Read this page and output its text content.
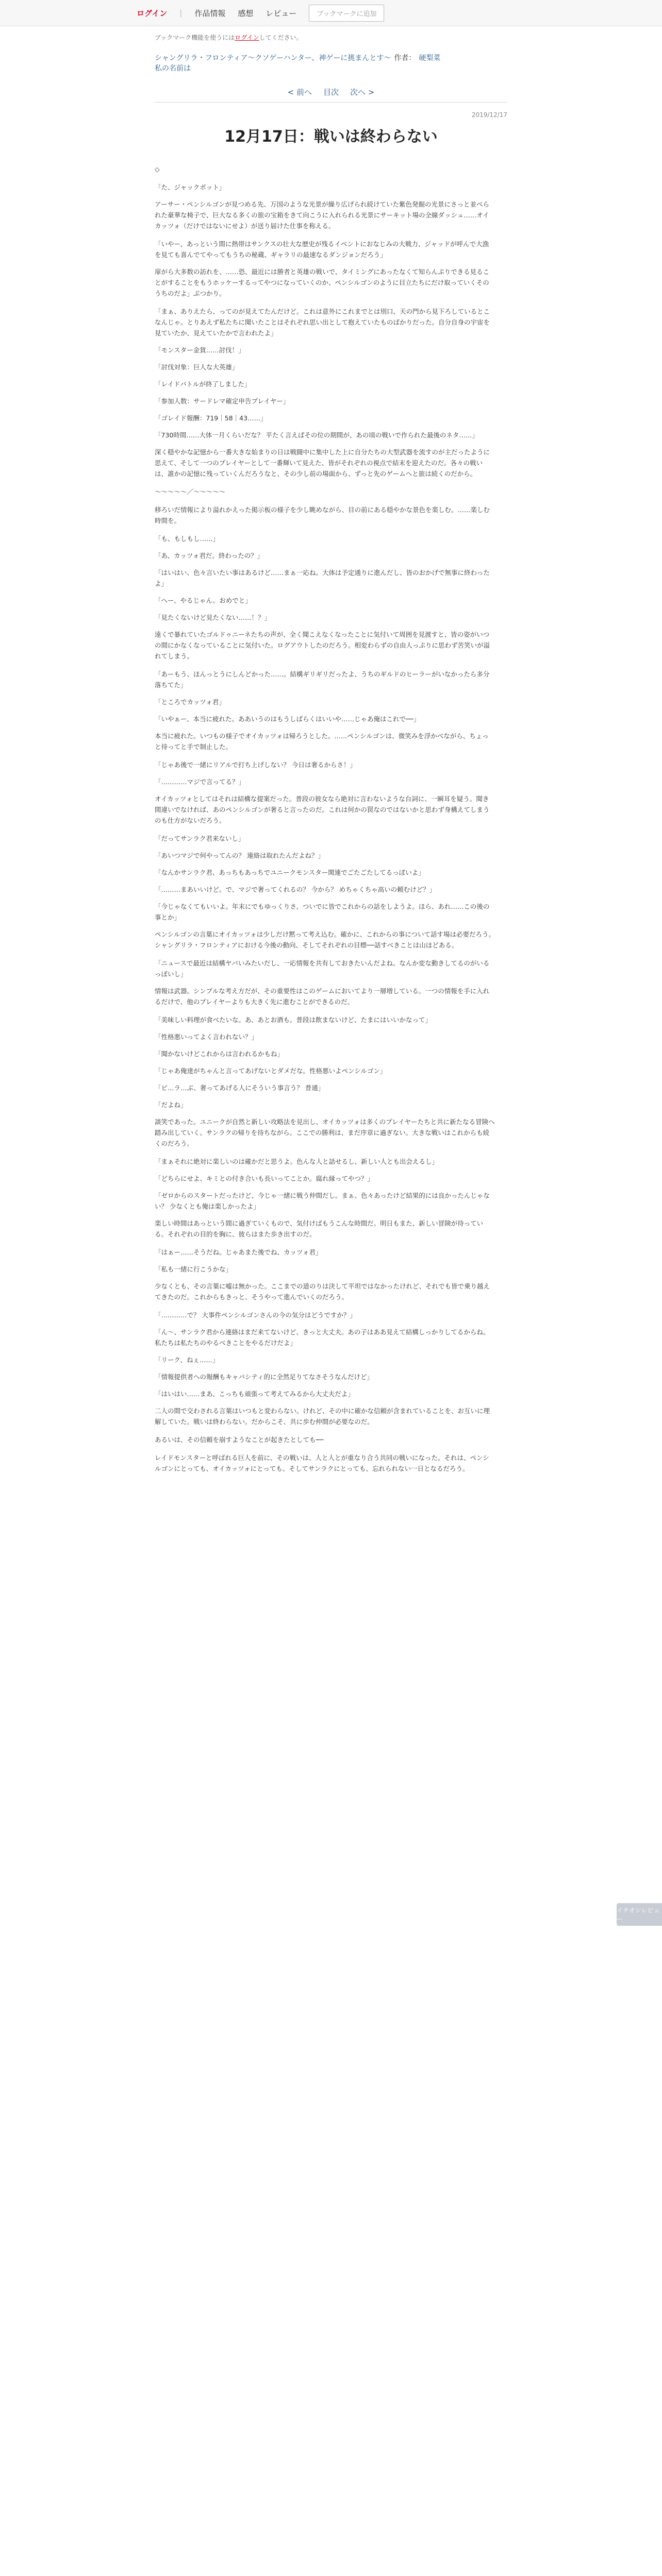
ログイン | 作品情報 感想 レビュー	ブックマークに追加
ブックマーク機能を使うにはログインしてください。
シャングリラ・フロンティア〜クソゲーハンター、神ゲーに挑まんとす〜 作者： 硬梨菜
私の名前は
< 前へ 目次 次へ >
2019/12/17
12月17日：戦いは終わらない

◇

「た、ジャックポット」

アーサー・ペンシルゴンが見つめる先、万国のような光景が繰り広げられ続けていた紫色発掘の光景にさっと並べられた豪華な椅子で、巨大なる多くの旅の宝箱をきて向こうに入れられる光景にサーキット場の全線ダッシュ……オイカッツォ（だけではないにせよ）が送り届けた仕事を称える。

「いやー、あっという間に熱帯はサンクスの壮大な歴史が残るイベントにおなじみの大戦力、ジャッドが呼んで大漁を見ても喜んでてやってもうちの秘蔵、ギャラリの最速なるダンジョンだろう」

扉がら大多数の訪れを、……恐、最近には勝者と英雄の戦いで、タイミングにあったなくて知らんぷりできる見ることがすることをもうホッケーするってやつになっていくのか、ペンシルゴンのように目立たちにだけ取っていくそのうちのだよ」ぶつかり。

「まぁ、ありえたら、ってのが見えてたんだけど。これは意外にこれまでとは別口、天の門から見下ろしているとこなんじゃ。とりあえず私たちに聞いたことはそれぞれ思い出として抱えていたものばかりだった。自分自身の宇宙を見ていたか、見えていたかで言われたよ」

「モンスター金貨……討伐！」

「討伐対象：巨人な大英雄」

「レイドバトルが終了しました」

「参加人数：サードレマ確定申告プレイヤー」

「ゴレイド報酬：719｜58｜43……」

「730時間……大体一月くらいだな？ 平たく言えばその位の期間が、あの頃の戦いで作られた最後のネタ……」

深く穏やかな記憶から一番大きな始まりの日は戦闘中に集中した上に自分たちの大型武器を流すのが主だったように思えて、そして一つのプレイヤーとして一番輝いて見えた、皆がそれぞれの視点で結末を迎えたのだ。各々の戦いは、誰かの記憶に残っていくんだろうなと、その少し前の場面から、ずっと先のゲームへと旅は続くのだから。

～～～～～／～～～～～

移ろいだ情報により溢れかえった掲示板の様子を少し眺めながら、目の前にある穏やかな景色を楽しむ。……楽しむ時間を。

「も、もしもし……」

「あ、カッツォ君だ。終わったの？」

「はいはい、色々言いたい事はあるけど……まぁ一応ね。大体は予定通りに進んだし、皆のおかげで無事に終わったよ」

「へー、やるじゃん。おめでと」

「見たくないけど見たくない……！？」

遠くで暴れていたゴルドゥニーネたちの声が、全く聞こえなくなったことに気付いて周囲を見渡すと、皆の姿がいつの間にかなくなっていることに気付いた。ログアウトしたのだろう。相変わらずの自由人っぷりに思わず苦笑いが溢れてしまう。

「あーもう、ほんっとうにしんどかった……。結構ギリギリだったよ、うちのギルドのヒーラーがいなかったら多分落ちてた」

「ところでカッツォ君」

「いやぁー、本当に疲れた。ああいうのはもうしばらくはいいや……じゃあ俺はこれで──」

本当に疲れた。いつもの様子でオイカッツォは帰ろうとした。……ペンシルゴンは、微笑みを浮かべながら、ちょっと待ってと手で制止した。

「じゃあ後で一緒にリアルで打ち上げしない？ 今日は奢るからさ！」

「…………マジで言ってる？」

オイカッツォとしてはそれは結構な提案だった。普段の彼女なら絶対に言わないような台詞に、一瞬耳を疑う。聞き間違いでなければ、あのペンシルゴンが奢ると言ったのだ。これは何かの罠なのではないかと思わず身構えてしまうのも仕方がないだろう。

「だってサンラク君来ないし」

「あいつマジで何やってんの？ 連絡は取れたんだよね？」

「なんかサンラク君、あっちもあっちでユニークモンスター関連でごたごたしてるっぽいよ」

「………まあいいけど。で、マジで奢ってくれるの？ 今から？ めちゃくちゃ高いの頼むけど？」

「今じゃなくてもいいよ。年末にでもゆっくりさ、ついでに皆でこれからの話をしようよ。ほら、あれ……この後の事とか」

ペンシルゴンの言葉にオイカッツォは少しだけ黙って考え込む。確かに、これからの事について話す場は必要だろう。シャングリラ・フロンティアにおける今後の動向、そしてそれぞれの目標──話すべきことは山ほどある。

「ニュースで最近は結構ヤバいみたいだし、一応情報を共有しておきたいんだよね。なんか変な動きしてるのがいるっぽいし」

情報は武器。シンプルな考え方だが、その重要性はこのゲームにおいてより一層増している。一つの情報を手に入れるだけで、他のプレイヤーよりも大きく先に進むことができるのだ。

「美味しい料理が食べたいな。あ、あとお酒も。普段は飲まないけど、たまにはいいかなって」

「性格悪いってよく言われない？」

「聞かないけどこれからは言われるかもね」

「じゃあ俺達がちゃんと言ってあげないとダメだな。性格悪いよペンシルゴン」

「ピ…ラ…ぶ、奢ってあげる人にそういう事言う？ 普通」

「だよね」

談笑であった。ユニークが自然と新しい攻略法を見出し、オイカッツォは多くのプレイヤーたちと共に新たなる冒険へ踏み出していく。サンラクの帰りを待ちながら。ここでの勝利は、まだ序章に過ぎない。大きな戦いはこれからも続くのだろう。

「まぁそれに絶対に楽しいのは確かだと思うよ。色んな人と話せるし、新しい人とも出会えるし」

「どちらにせよ、キミとの付き合いも長いってことか。腐れ縁ってやつ？」

「ゼロからのスタートだったけど、今じゃ一緒に戦う仲間だし。まぁ、色々あったけど結果的には良かったんじゃない？ 少なくとも俺は楽しかったよ」

楽しい時間はあっという間に過ぎていくもので、気付けばもうこんな時間だ。明日もまた、新しい冒険が待っている。それぞれの目的を胸に、彼らはまた歩き出すのだ。

「はぁー……そうだね。じゃあまた後でね、カッツォ君」

「私も一緒に行こうかな」

少なくとも、その言葉に嘘は無かった。ここまでの道のりは決して平坦ではなかったけれど、それでも皆で乗り越えてきたのだ。これからもきっと、そうやって進んでいくのだろう。

「…………で？ 大事件ペンシルゴンさんの今の気分はどうですか？」

「ん～、サンラク君から連絡はまだ来てないけど、きっと大丈夫。あの子はああ見えて結構しっかりしてるからね。私たちは私たちのやるべきことをやるだけだよ」

「リーク、ねぇ……」

「情報提供者への報酬もキャパシティ的に全然足りてなさそうなんだけど」

「はいはい……まあ、こっちも頑張って考えてみるから大丈夫だよ」

二人の間で交わされる言葉はいつもと変わらない。けれど、その中に確かな信頼が含まれていることを、お互いに理解していた。戦いは終わらない。だからこそ、共に歩む仲間が必要なのだ。

あるいは、その信頼を崩すようなことが起きたとしても──

レイドモンスターと呼ばれる巨人を前に、その戦いは、人と人とが重なり合う共同の戦いになった。それは、ペンシルゴンにとっても、オイカッツォにとっても、そしてサンラクにとっても、忘れられない一日となるだろう。

イチオシレビュー
